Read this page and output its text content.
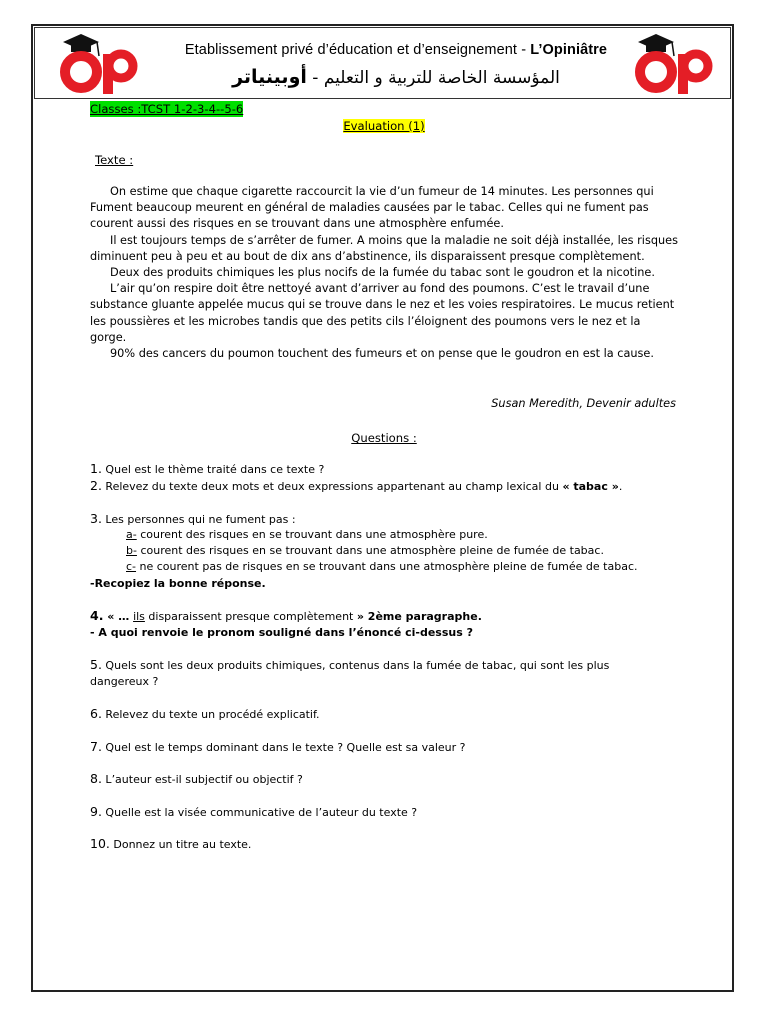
Etablissement privé d’éducation et d’enseignement - L’Opiniâtre
المؤسسة الخاصة للتربية و التعليم - أوبينياتر
Classes :TCST 1-2-3-4--5-6
Evaluation (1)
Texte :

On estime que chaque cigarette raccourcit la vie d’un fumeur de 14 minutes. Les personnes qui Fument beaucoup meurent en général de maladies causées par le tabac. Celles qui ne fument pas courent aussi des risques en se trouvant dans une atmosphère enfumée.

Il est toujours temps de s’arrêter de fumer. A moins que la maladie ne soit déjà installée, les risques diminuent peu à peu et au bout de dix ans d’abstinence, ils disparaissent presque complètement.

Deux des produits chimiques les plus nocifs de la fumée du tabac sont le goudron et la nicotine.

L’air qu’on respire doit être nettoyé avant d’arriver au fond des poumons. C’est le travail d’une substance gluante appelée mucus qui se trouve dans le nez et les voies respiratoires. Le mucus retient les poussières et les microbes tandis que des petits cils l’éloignent des poumons vers le nez et la gorge.

90% des cancers du poumon touchent des fumeurs et on pense que le goudron en est la cause.

Susan Meredith, Devenir adultes
Questions :
1. Quel est le thème traité dans ce texte ?
2. Relevez du texte deux mots et deux expressions appartenant au champ lexical du « tabac ».
3. Les personnes qui ne fument pas :
a- courent des risques en se trouvant dans une atmosphère pure.
b- courent des risques en se trouvant dans une atmosphère pleine de fumée de tabac.
c- ne courent pas de risques en se trouvant dans une atmosphère pleine de fumée de tabac.
-Recopiez la bonne réponse.
4. « … ils disparaissent presque complètement » 2ème paragraphe.
- A quoi renvoie le pronom souligné dans l’énoncé ci-dessus ?
5. Quels sont les deux produits chimiques, contenus dans la fumée de tabac, qui sont les plus
dangereux ?
6. Relevez du texte un procédé explicatif.
7. Quel est le temps dominant dans le texte ? Quelle est sa valeur ?
8. L’auteur est-il subjectif ou objectif ?
9. Quelle est la visée communicative de l’auteur du texte ?
10. Donnez un titre au texte.
